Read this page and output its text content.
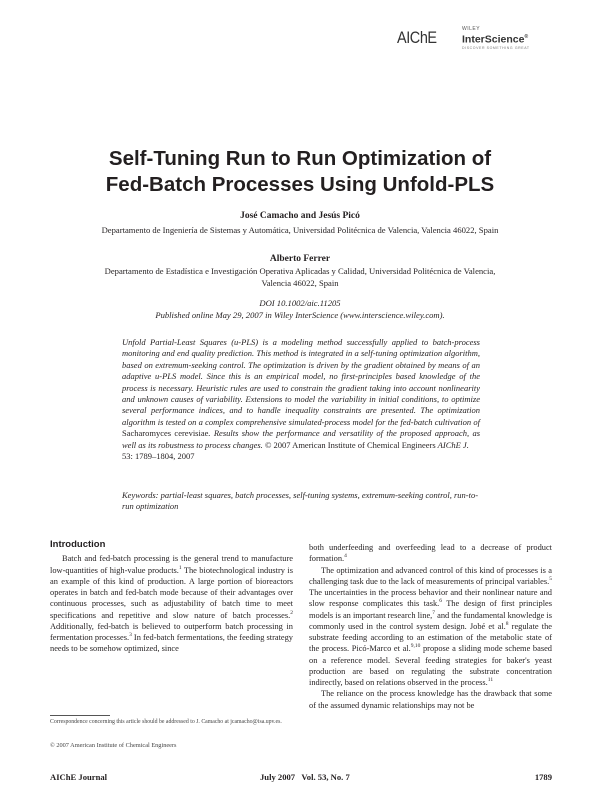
AIChE	WILEY
InterScience®
DISCOVER SOMETHING GREAT
Self-Tuning Run to Run Optimization of
Fed-Batch Processes Using Unfold-PLS
José Camacho and Jesús Picó
Departamento de Ingeniería de Sistemas y Automática, Universidad Politécnica de Valencia, Valencia 46022, Spain
Alberto Ferrer
Departamento de Estadística e Investigación Operativa Aplicadas y Calidad, Universidad Politécnica de Valencia,
Valencia 46022, Spain
DOI 10.1002/aic.11205
Published online May 29, 2007 in Wiley InterScience (www.interscience.wiley.com).
Unfold Partial-Least Squares (u-PLS) is a modeling method successfully applied to batch-process monitoring and end quality prediction. This method is integrated in a self-tuning optimization algorithm, based on extremum-seeking control. The optimization is driven by the gradient obtained by means of an adaptive u-PLS model. Since this is an empirical model, no first-principles based knowledge of the process is necessary. Heuristic rules are used to constrain the gradient taking into account nonlinearity and unknown causes of variability. Extensions to model the variability in initial conditions, to optimize several performance indices, and to handle inequality constraints are presented. The optimization algorithm is tested on a complex comprehensive simulated-process model for the fed-batch cultivation of Sacharomyces cerevisiae. Results show the performance and versatility of the proposed approach, as well as its robustness to process changes. © 2007 American Institute of Chemical Engineers AIChE J.
53: 1789–1804, 2007
Keywords: partial-least squares, batch processes, self-tuning systems, extremum-seeking control, run-to-run optimization
Introduction
Batch and fed-batch processing is the general trend to manufacture low-quantities of high-value products.$^1$ The biotechnological industry is an example of this kind of production. A large portion of bioreactors operates in batch and fed-batch mode because of their advantages over continuous processes, such as adjustability of batch time to meet specifications and repetitive and slow nature of batch processes.$^2$ Additionally, fed-batch is believed to outperform batch processing in fermentation processes.$^3$ In fed-batch fermentations, the feeding strategy needs to be somehow optimized, since
both underfeeding and overfeeding lead to a decrease of product formation.$^4$
The optimization and advanced control of this kind of processes is a challenging task due to the lack of measurements of principal variables.$^5$ The uncertainties in the process behavior and their nonlinear nature and slow response complicates this task.$^6$ The design of first principles models is an important research line,$^7$ and the fundamental knowledge is commonly used in the control system design. Jobé et al.$^8$ regulate the substrate feeding according to an estimation of the metabolic state of the process. Picó-Marco et al.$^{9,10}$ propose a sliding mode scheme based on a reference model. Several feeding strategies for baker's yeast production are based on regulating the substrate concentration indirectly, based on relations observed in the process.$^{11}$
The reliance on the process knowledge has the drawback that some of the assumed dynamic relationships may not be
Correspondence concerning this article should be addressed to J. Camacho at jcamacho@isa.upv.es.
© 2007 American Institute of Chemical Engineers
AIChE Journal	July 2007   Vol. 53, No. 7	1789
